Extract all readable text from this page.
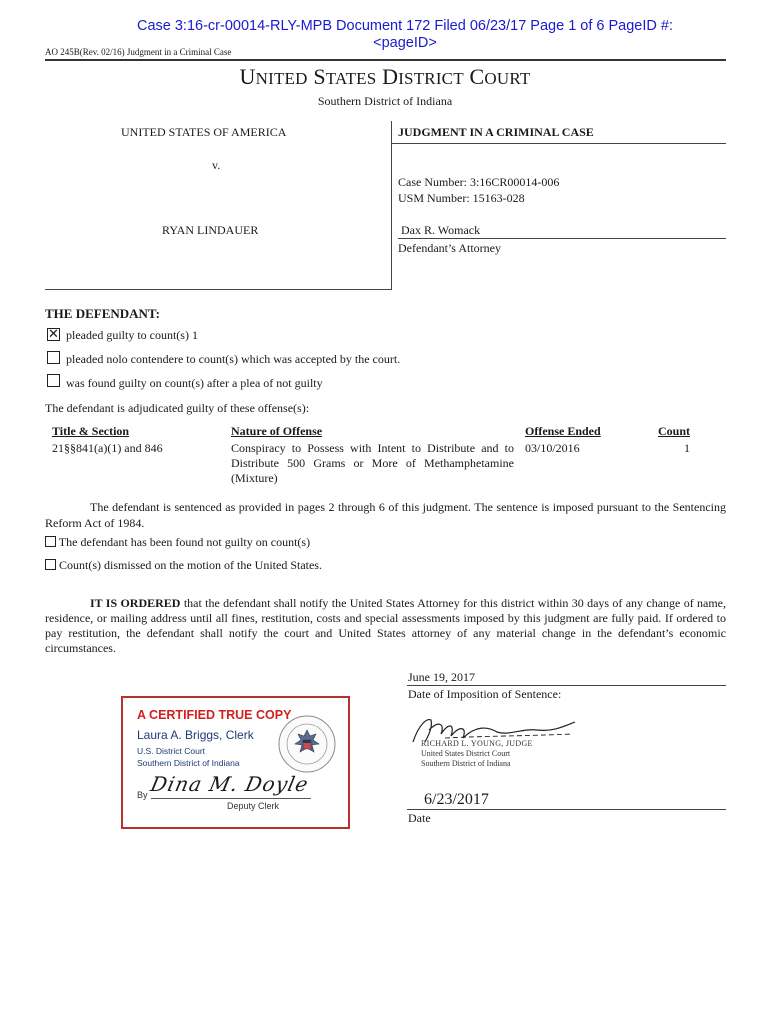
Case 3:16-cr-00014-RLY-MPB Document 172 Filed 06/23/17 Page 1 of 6 PageID #:
<pageID>
AO 245B(Rev. 02/16) Judgment in a Criminal Case
UNITED STATES DISTRICT COURT
Southern District of Indiana
UNITED STATES OF AMERICA
v.
RYAN LINDAUER
JUDGMENT IN A CRIMINAL CASE
Case Number: 3:16CR00014-006
USM Number: 15163-028
Dax R. Womack
Defendant’s Attorney
THE DEFENDANT:
✕ pleaded guilty to count(s) 1
pleaded nolo contendere to count(s) which was accepted by the court.
was found guilty on count(s) after a plea of not guilty
The defendant is adjudicated guilty of these offense(s):
Title & Section	Nature of Offense	Offense Ended	Count
21§§841(a)(1) and 846	Conspiracy to Possess with Intent to Distribute and to
Distribute 500 Grams or More of Methamphetamine
(Mixture)
03/10/2016	1
The defendant is sentenced as provided in pages 2 through 6 of this judgment. The sentence is imposed pursuant to the Sentencing Reform Act of 1984.
The defendant has been found not guilty on count(s)
Count(s) dismissed on the motion of the United States.
IT IS ORDERED that the defendant shall notify the United States Attorney for this district within 30 days of any change of name, residence, or mailing address until all fines, restitution, costs and special assessments imposed by this judgment are fully paid. If ordered to pay restitution, the defendant shall notify the court and United States attorney of any material change in the defendant’s economic circumstances.
June 19, 2017
Date of Imposition of Sentence:
RICHARD L. YOUNG, JUDGE
United States District Court
Southern District of Indiana
6/23/2017
Date
A CERTIFIED TRUE COPY
Laura A. Briggs, Clerk
U.S. District Court
Southern District of Indiana
By Dina M. Doyle
Deputy Clerk
